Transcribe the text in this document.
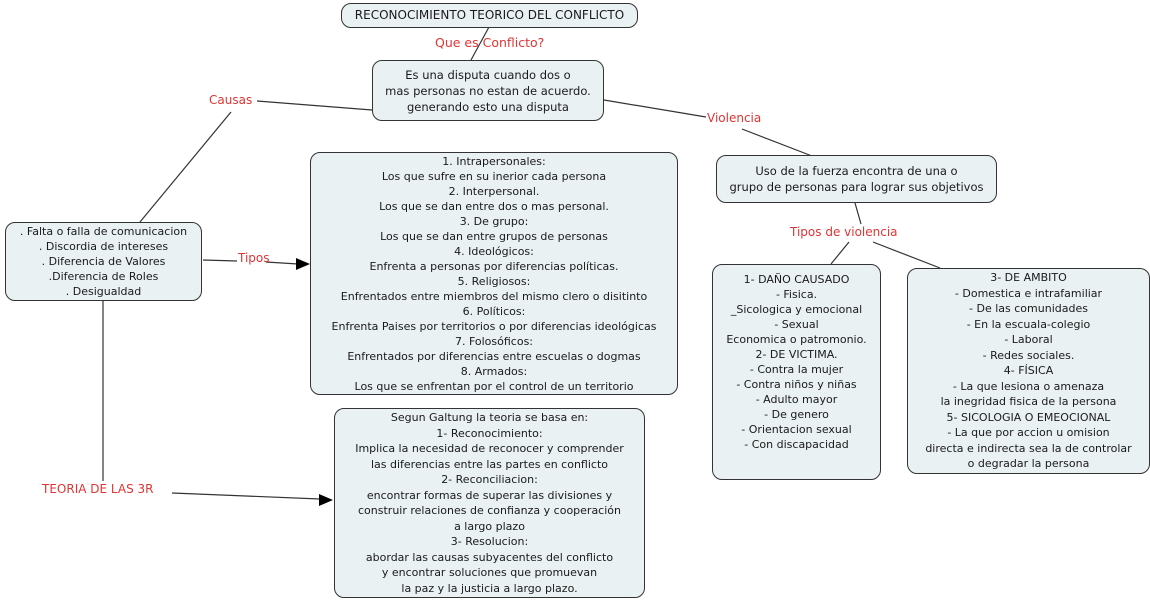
RECONOCIMIENTO TEORICO DEL CONFLICTO
Es una disputa cuando dos o
mas personas no estan de acuerdo.
generando esto una disputa
. Falta o falla de comunicacion
. Discordia de intereses
. Diferencia de Valores
.Diferencia de Roles
. Desigualdad
1. Intrapersonales:
Los que sufre en su inerior cada persona
2. Interpersonal.
Los que se dan entre dos o mas personal.
3. De grupo:
Los que se dan entre grupos de personas
4. Ideológicos:
Enfrenta a personas por diferencias políticas.
5. Religiosos:
Enfrentados entre miembros del mismo clero o disitinto
6. Políticos:
Enfrenta Paises por territorios o por diferencias ideológicas
7. Folosóficos:
Enfrentados por diferencias entre escuelas o dogmas
8. Armados:
Los que se enfrentan por el control de un territorio
Segun Galtung la teoria se basa en:
1- Reconocimiento:
Implica la necesidad de reconocer y comprender
las diferencias entre las partes en conflicto
2- Reconciliacion:
encontrar formas de superar las divisiones y
construir relaciones de confianza y cooperación
a largo plazo
3- Resolucion:
abordar las causas subyacentes del conflicto
y encontrar soluciones que promuevan
la paz y la justicia a largo plazo.
Uso de la fuerza encontra de una o
grupo de personas para lograr sus objetivos
1- DAÑO CAUSADO
- Fisica.
_Sicologica y emocional
- Sexual
Economica o patromonio.
2- DE VICTIMA.
- Contra la mujer
- Contra niños y niñas
- Adulto mayor
- De genero
- Orientacion sexual
- Con discapacidad
3- DE AMBITO
- Domestica e intrafamiliar
- De las comunidades
- En la escuala-colegio
- Laboral
- Redes sociales.
4- FÍSICA
- La que lesiona o amenaza
la inegridad fisica de la persona
5- SICOLOGIA O EMEOCIONAL
- La que por accion u omision
directa e indirecta sea la de controlar
o degradar la persona
Que es Conflicto?
Causas
Tipos
TEORIA DE LAS 3R
Violencia
Tipos de violencia
